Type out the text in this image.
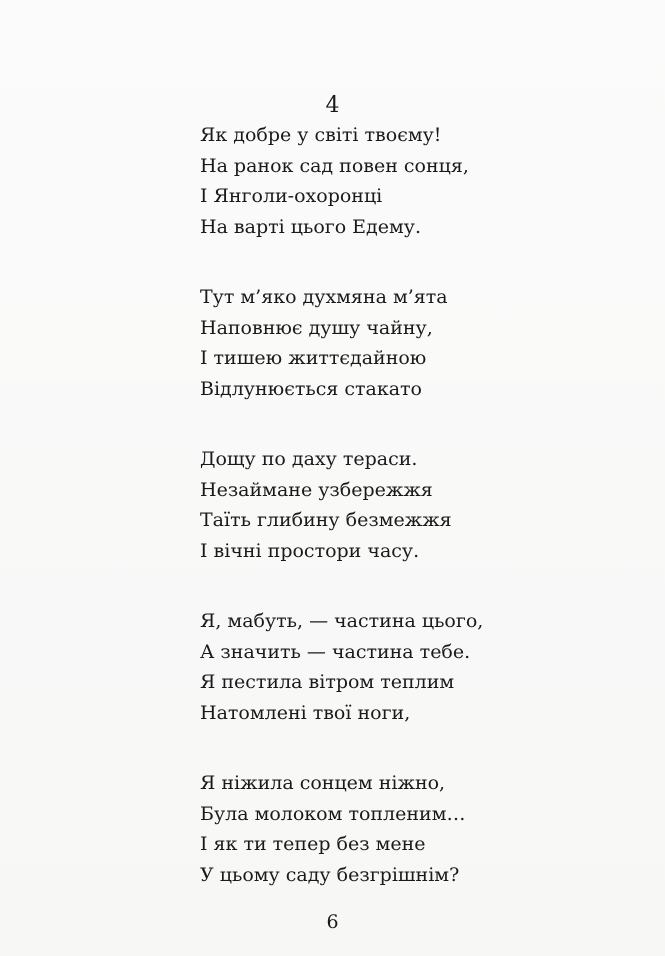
4
Як добре у світі твоєму!
На ранок сад повен сонця,
І Янголи-охоронці
На варті цього Едему.
Тут м’яко духмяна м’ята
Наповнює душу чайну,
І тишею життєдайною
Відлунюється стакато
Дощу по даху тераси.
Незаймане узбережжя
Таїть глибину безмежжя
І вічні простори часу.
Я, мабуть, — частина цього,
А значить — частина тебе.
Я пестила вітром теплим
Натомлені твої ноги,
Я ніжила сонцем ніжно,
Була молоком топленим…
І як ти тепер без мене
У цьому саду безгрішнім?
6
